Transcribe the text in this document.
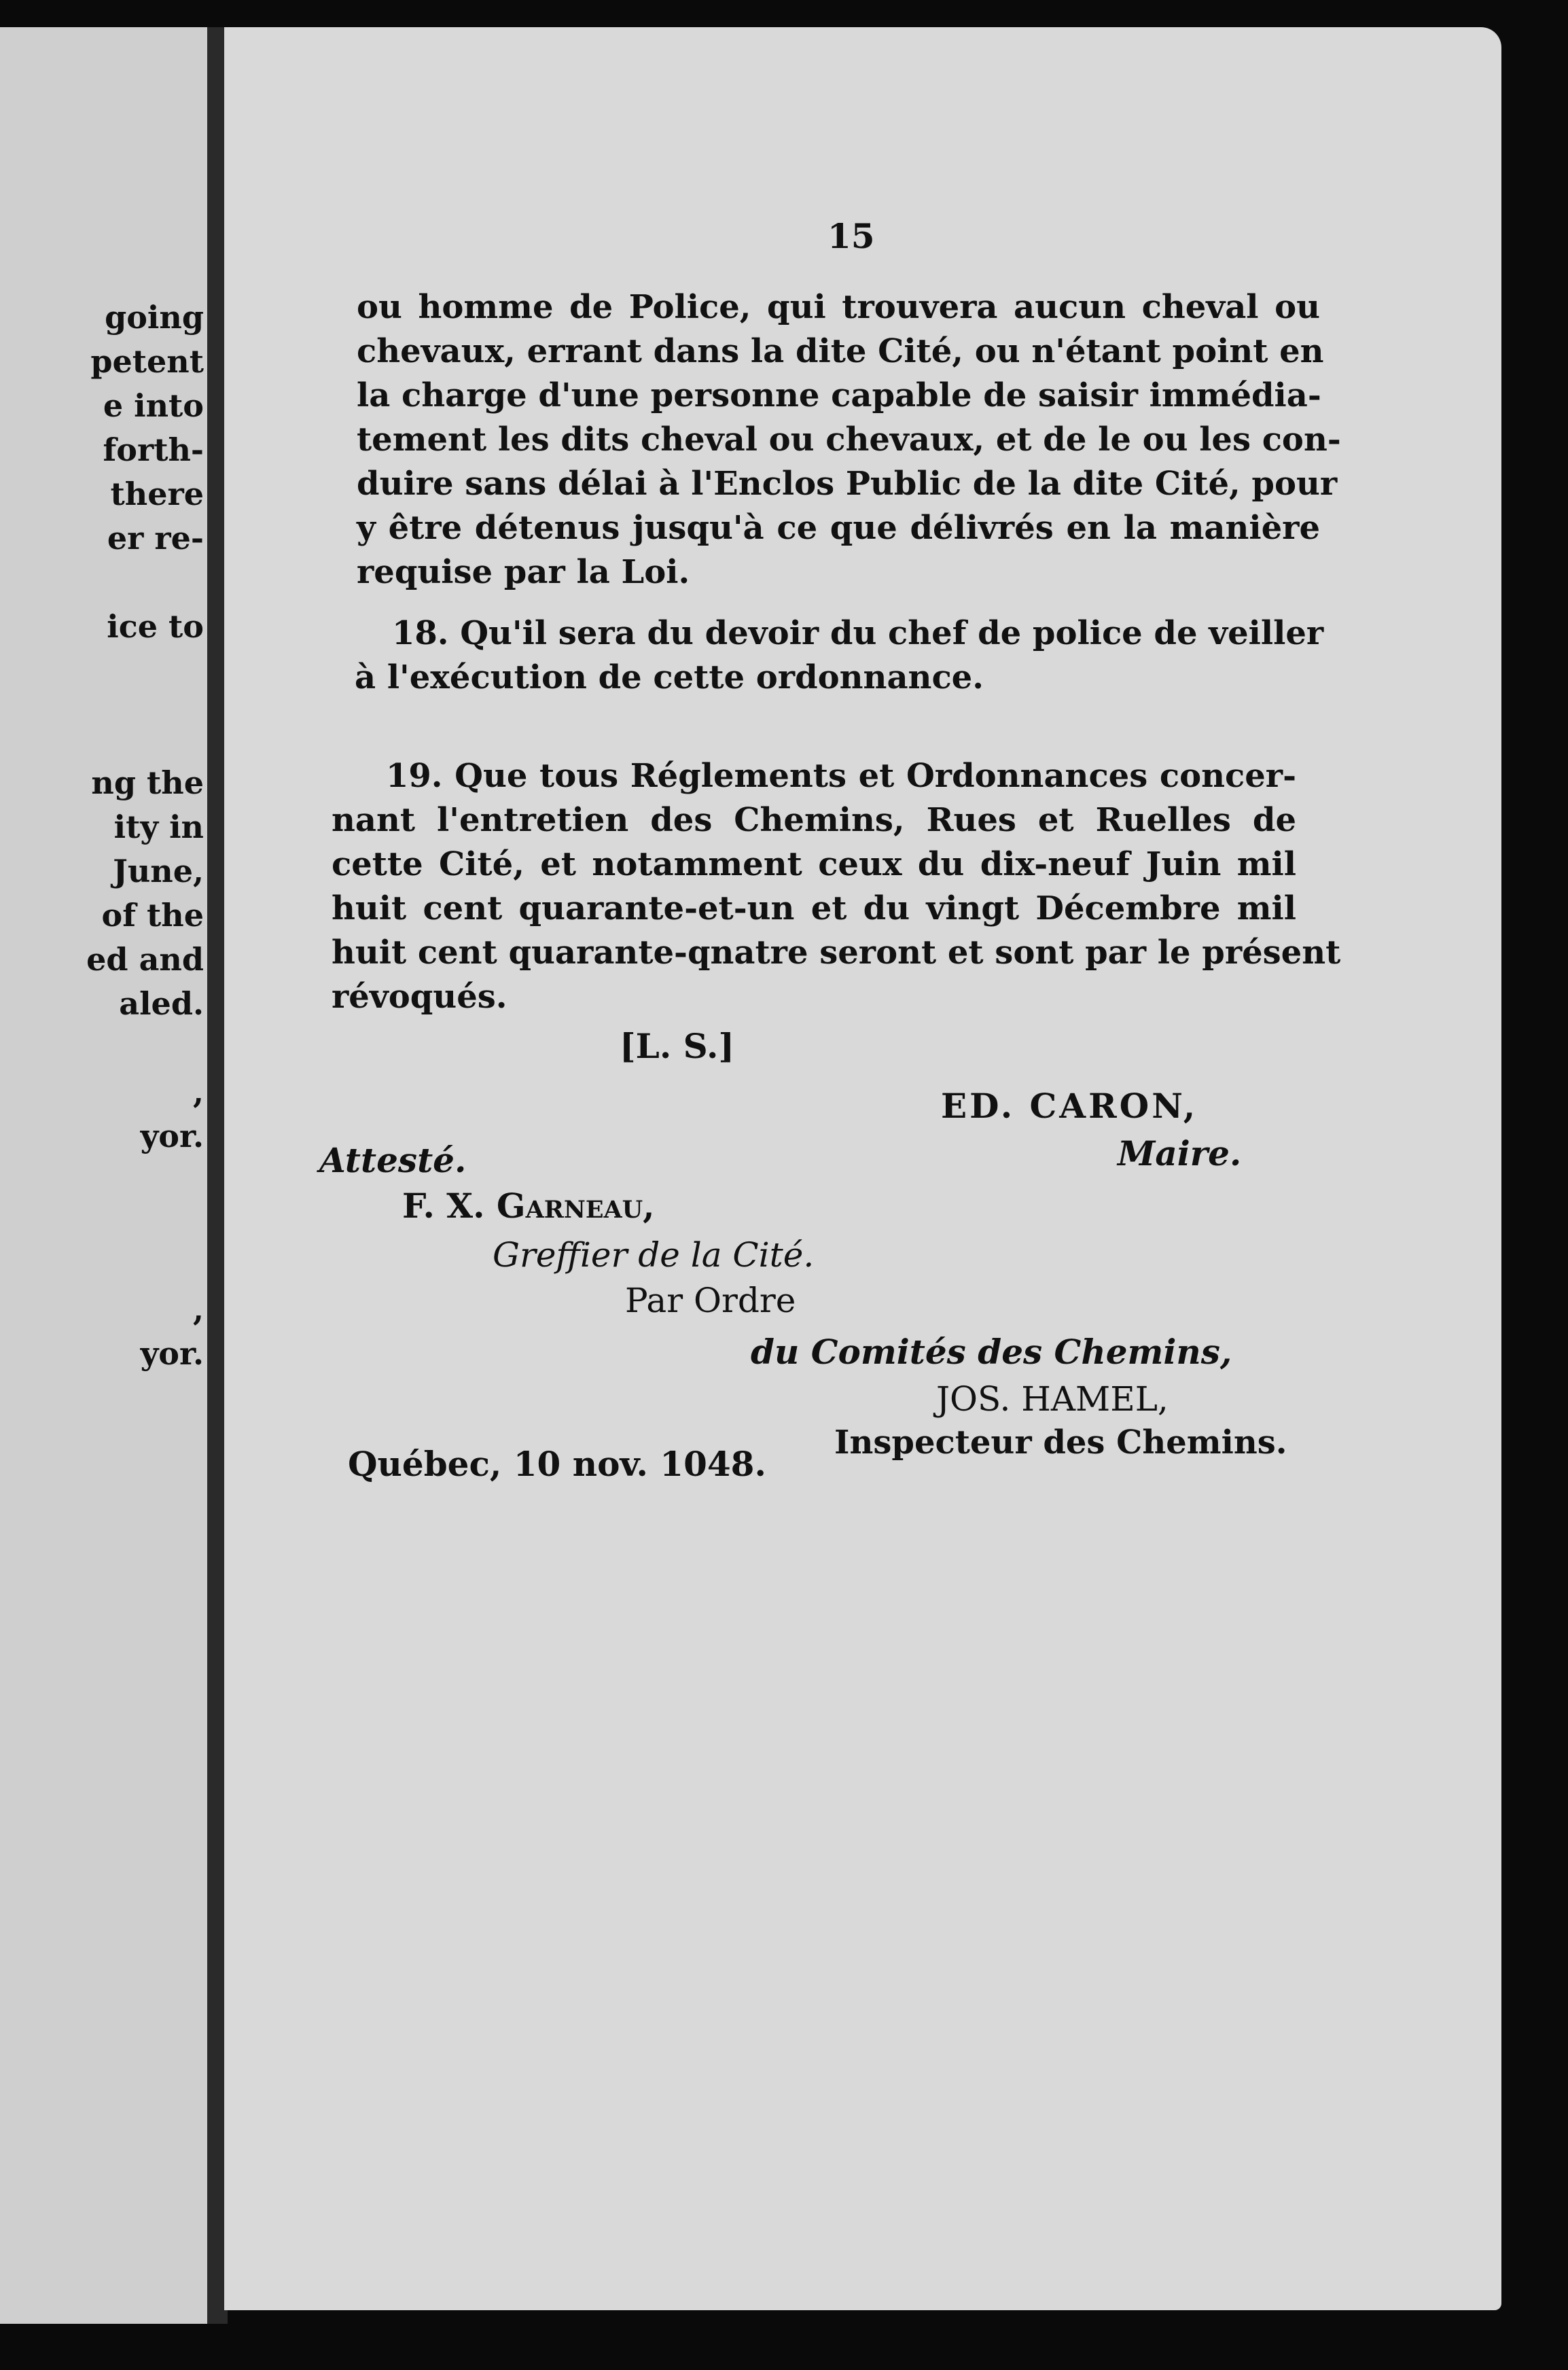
going
petent
e into
forth-
there
er re-
ice to
ng the
ity in
June,
of the
ed and
aled.
,
yor.
,
yor.
15
ou homme de Police, qui trouvera aucun cheval ou
chevaux, errant dans la dite Cité, ou n'étant point en
la charge d'une personne capable de saisir immédia-
tement les dits cheval ou chevaux, et de le ou les con-
duire sans délai à l'Enclos Public de la dite Cité, pour
y être détenus jusqu'à ce que délivrés en la manière
requise par la Loi.
18. Qu'il sera du devoir du chef de police de veiller
à l'exécution de cette ordonnance.
19. Que tous Réglements et Ordonnances concer-
nant l'entretien des Chemins, Rues et Ruelles de
cette Cité, et notamment ceux du dix-neuf Juin mil
huit cent quarante-et-un et du vingt Décembre mil
huit cent quarante-qnatre seront et sont par le présent
révoqués.
[L. S.]
ED. CARON,
Maire.
Attesté.
F. X. Garneau,
Greffier de la Cité.
Par Ordre
du Comités des Chemins,
JOS. HAMEL,
Québec, 10 nov. 1048.
Inspecteur des Chemins.
